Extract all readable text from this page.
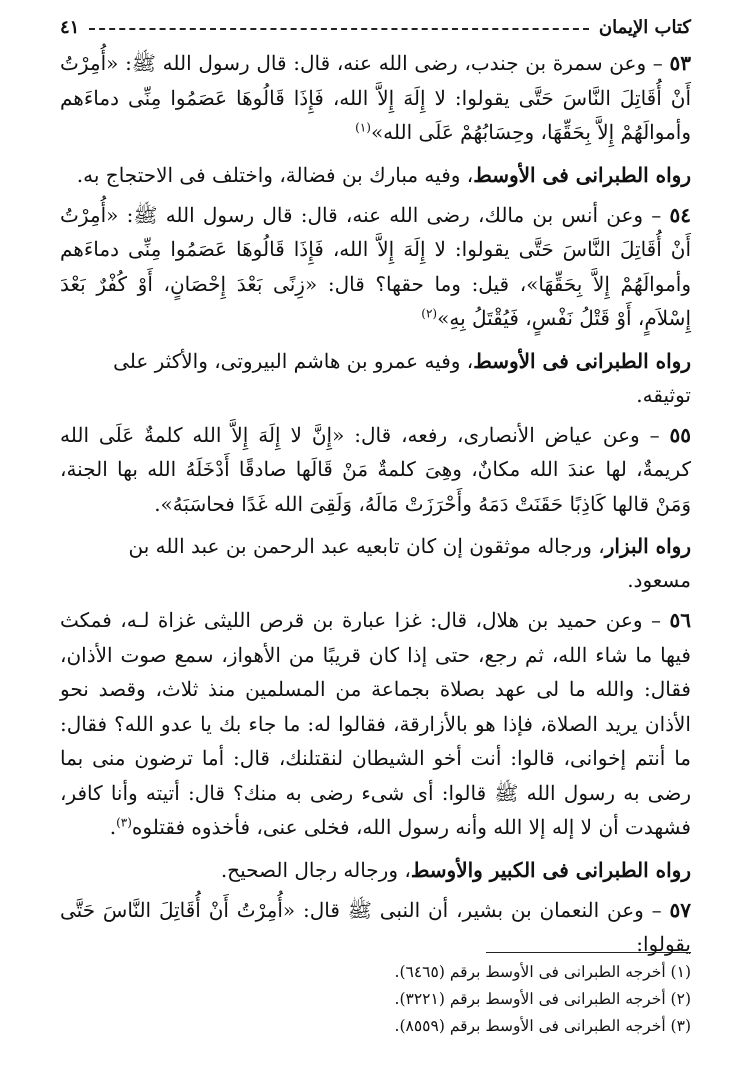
كتاب الإيمان
٤١

٥٣ – وعن سمرة بن جندب، رضى الله عنه، قال: قال رسول الله ﷺ: «أُمِرْتُ أَنْ أُقَاتِلَ النَّاسَ حَتَّى يقولوا: لا إِلَهَ إِلاَّ الله، فَإِذَا قَالُوهَا عَصَمُوا مِنِّى دماءَهم وأموالَهُمْ إِلاَّ بِحَقِّهَا، وحِسَابُهُمْ عَلَى الله»$^{(١)}$

رواه الطبرانى فى الأوسط، وفيه مبارك بن فضالة، واختلف فى الاحتجاج به.

٥٤ – وعن أنس بن مالك، رضى الله عنه، قال: قال رسول الله ﷺ: «أُمِرْتُ أَنْ أُقَاتِلَ النَّاسَ حَتَّى يقولوا: لا إِلَهَ إِلاَّ الله، فَإِذَا قَالُوهَا عَصَمُوا مِنِّى دماءَهم وأموالَهُمْ إِلاَّ بِحَقِّهَا»، قيل: وما حقها؟ قال: «زِنًى بَعْدَ إِحْصَانٍ، أَوْ كُفْرٌ بَعْدَ إِسْلاَمٍ، أَوْ قَتْلُ نَفْسٍ، فَيُقْتَلُ بِهِ»$^{(٢)}$

رواه الطبرانى فى الأوسط، وفيه عمرو بن هاشم البيروتى، والأكثر على توثيقه.

٥٥ – وعن عياض الأنصارى، رفعه، قال: «إِنَّ لا إِلَهَ إِلاَّ الله كلمةٌ عَلَى الله كريمةٌ، لها عندَ الله مكانٌ، وهِىَ كلمةٌ مَنْ قَالَها صادقًا أَدْخَلَهُ الله بها الجنة، وَمَنْ قالها كَاذِبًا حَقَنَتْ دَمَهُ وأَحْرَزَتْ مَالَهُ، وَلَقِىَ الله غَدًا فحاسَبَهُ».

رواه البزار، ورجاله موثقون إن كان تابعيه عبد الرحمن بن عبد الله بن مسعود.

٥٦ – وعن حميد بن هلال، قال: غزا عبارة بن قرص الليثى غزاة لـه، فمكث فيها ما شاء الله، ثم رجع، حتى إذا كان قريبًا من الأهواز، سمع صوت الأذان، فقال: والله ما لى عهد بصلاة بجماعة من المسلمين منذ ثلاث، وقصد نحو الأذان يريد الصلاة، فإذا هو بالأزارقة، فقالوا له: ما جاء بك يا عدو الله؟ فقال: ما أنتم إخوانى، قالوا: أنت أخو الشيطان لنقتلنك، قال: أما ترضون منى بما رضى به رسول الله ﷺ قالوا: أى شىء رضى به منك؟ قال: أتيته وأنا كافر، فشهدت أن لا إله إلا الله وأنه رسول الله، فخلى عنى، فأخذوه فقتلوه$^{(٣)}$.

رواه الطبرانى فى الكبير والأوسط، ورجاله رجال الصحيح.

٥٧ – وعن النعمان بن بشير، أن النبى ﷺ قال: «أُمِرْتُ أَنْ أُقَاتِلَ النَّاسَ حَتَّى يقولوا:

(١) أخرجه الطبرانى فى الأوسط برقم (٦٤٦٥).
(٢) أخرجه الطبرانى فى الأوسط برقم (٣٢٢١).
(٣) أخرجه الطبرانى فى الأوسط برقم (٨٥٥٩).
